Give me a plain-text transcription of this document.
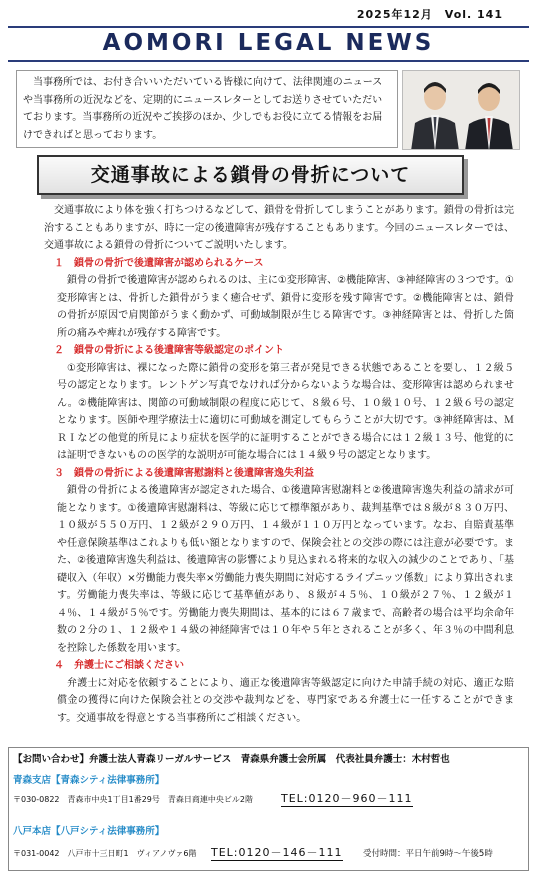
2025年12月　Vol. 141
AOMORI LEGAL NEWS

当事務所では、お付き合いいただいている皆様に向けて、法律関連のニュースや当事務所の近況などを、定期的にニュースレターとしてお送りさせていただいております。当事務所の近況やご挨拶のほか、少しでもお役に立てる情報をお届けできればと思っております。

交通事故による鎖骨の骨折について

交通事故により体を強く打ちつけるなどして、鎖骨を骨折してしまうことがあります。鎖骨の骨折は完治することもありますが、時に一定の後遺障害が残存することもあります。今回のニュースレターでは、交通事故による鎖骨の骨折についてご説明いたします。

１　鎖骨の骨折で後遺障害が認められるケース

鎖骨の骨折で後遺障害が認められるのは、主に①変形障害、②機能障害、③神経障害の３つです。①変形障害とは、骨折した鎖骨がうまく癒合せず、鎖骨に変形を残す障害です。②機能障害とは、鎖骨の骨折が原因で肩関節がうまく動かず、可動域制限が生じる障害です。③神経障害とは、骨折した箇所の痛みや痺れが残存する障害です。

２　鎖骨の骨折による後遺障害等級認定のポイント

①変形障害は、裸になった際に鎖骨の変形を第三者が発見できる状態であることを要し、１２級５号の認定となります。レントゲン写真でなければ分からないような場合は、変形障害は認められません。②機能障害は、関節の可動域制限の程度に応じて、８級６号、１０級１０号、１２級６号の認定となります。医師や理学療法士に適切に可動域を測定してもらうことが大切です。③神経障害は、ＭＲＩなどの他覚的所見により症状を医学的に証明することができる場合には１２級１３号、他覚的には証明できないものの医学的な説明が可能な場合には１４級９号の認定となります。

３　鎖骨の骨折による後遺障害慰謝料と後遺障害逸失利益

鎖骨の骨折による後遺障害が認定された場合、①後遺障害慰謝料と②後遺障害逸失利益の請求が可能となります。①後遺障害慰謝料は、等級に応じて標準額があり、裁判基準では８級が８３０万円、１０級が５５０万円、１２級が２９０万円、１４級が１１０万円となっています。なお、自賠責基準や任意保険基準はこれよりも低い額となりますので、保険会社との交渉の際には注意が必要です。また、②後遺障害逸失利益は、後遺障害の影響により見込まれる将来的な収入の減少のことであり、「基礎収入（年収）×労働能力喪失率×労働能力喪失期間に対応するライプニッツ係数」により算出されます。労働能力喪失率は、等級に応じて基準値があり、８級が４５％、１０級が２７％、１２級が１４％、１４級が５％です。労働能力喪失期間は、基本的には６７歳まで、高齢者の場合は平均余命年数の２分の１、１２級や１４級の神経障害では１０年や５年とされることが多く、年３％の中間利息を控除した係数を用います。

４　弁護士にご相談ください

弁護士に対応を依頼することにより、適正な後遺障害等級認定に向けた申請手続の対応、適正な賠償金の獲得に向けた保険会社との交渉や裁判などを、専門家である弁護士に一任することができます。交通事故を得意とする当事務所にご相談ください。

【お問い合わせ】弁護士法人青森リーガルサービス　青森県弁護士会所属　代表社員弁護士：木村哲也
青森支店【青森シティ法律事務所】
〒030-0822　青森市中央1丁目1番29号　青森日商連中央ビル2階	TEL:0120－960－111
八戸本店【八戸シティ法律事務所】
〒031-0042　八戸市十三日町1　ヴィアノヴァ6階 TEL:0120－146－111 受付時間：平日午前9時～午後5時
